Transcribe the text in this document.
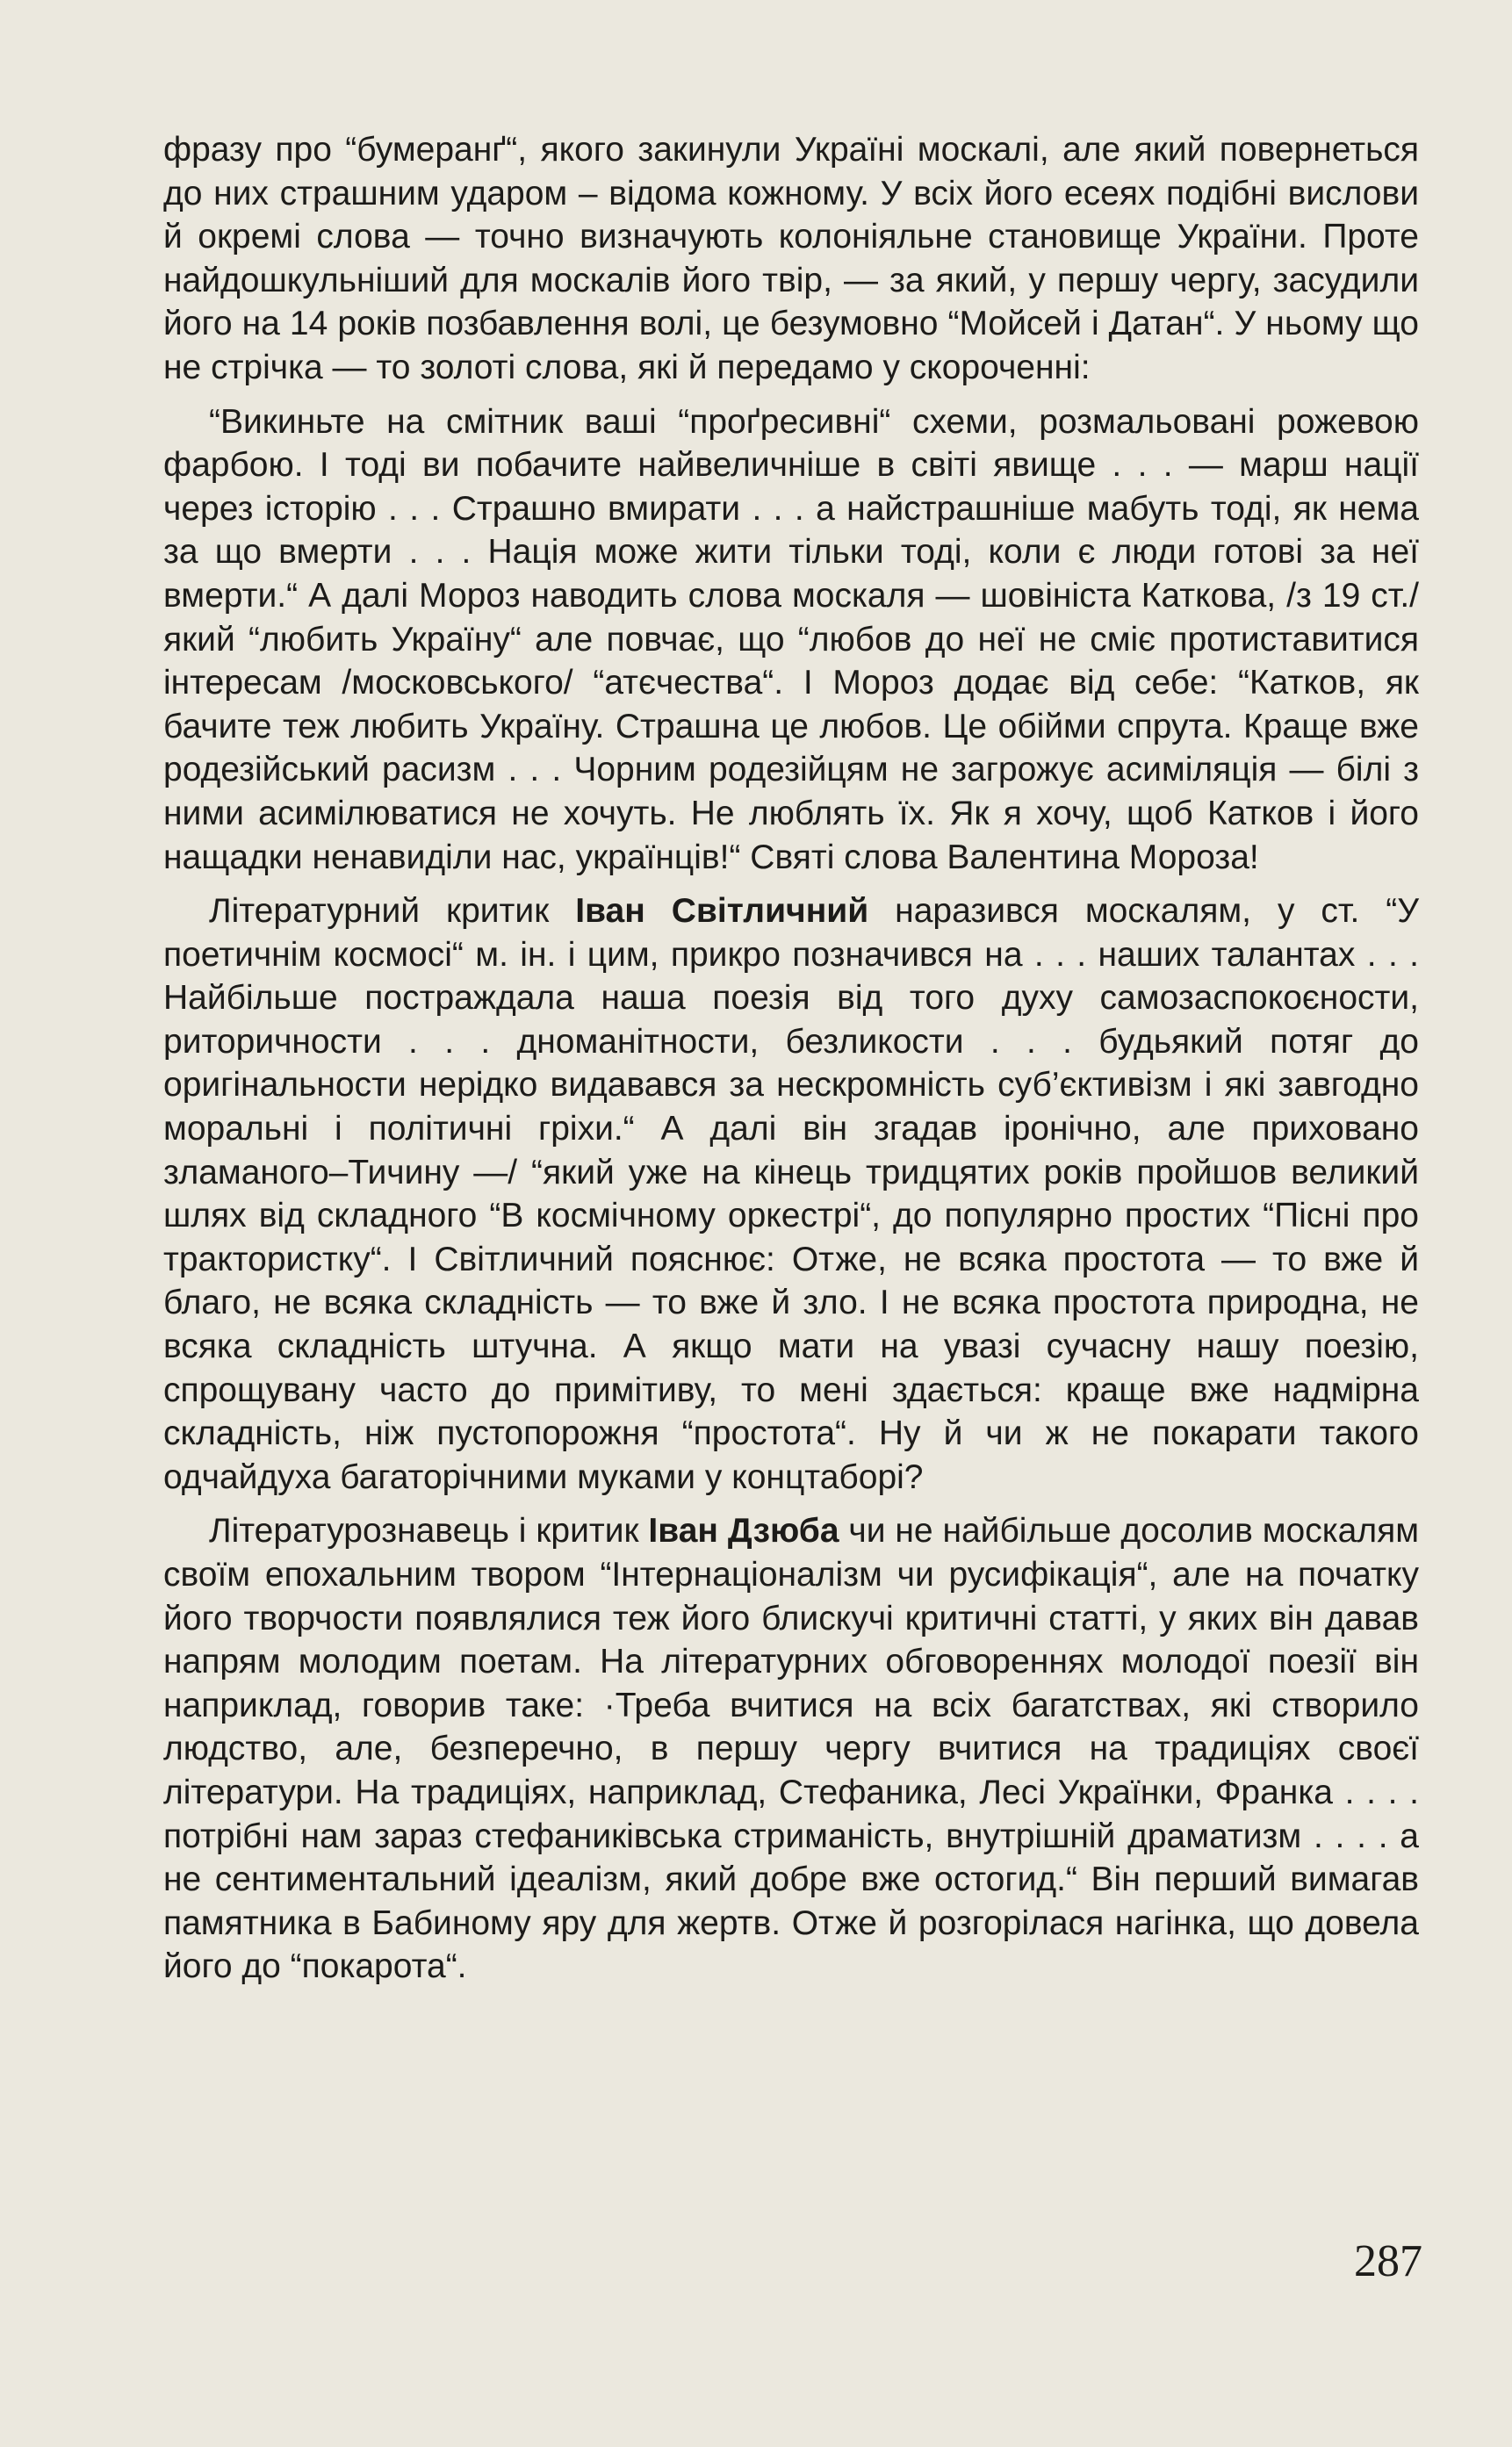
фразу про “бумеранґ“, якого закинули Україні москалі, але який повернеться до них страшним ударом – відома кожному. У всіх його есеях подібні вислови й окремі слова — точно визначують колоніяльне становище України. Проте найдошкульніший для москалів його твір, — за який, у першу чергу, засудили його на 14 років позбавлення волі, це безумовно “Мойсей і Датан“. У ньому що не стрічка — то золоті слова, які й передамо у скороченні:

“Викиньте на смітник ваші “проґресивні“ схеми, розмальовані рожевою фарбою. І тоді ви побачите найвеличніше в світі явище . . . — марш нації через історію . . . Страшно вмирати . . . а найстрашніше мабуть тоді, як нема за що вмерти . . . Нація може жити тільки тоді, коли є люди готові за неї вмерти.“ А далі Мороз наводить слова москаля — шовініста Каткова, /з 19 ст./ який “любить Україну“ але повчає, що “любов до неї не сміє протиставитися інтересам /московського/ “атєчества“. І Мороз додає від себе: “Катков, як бачите теж любить Україну. Страшна це любов. Це обійми спрута. Краще вже родезійський расизм . . . Чорним родезійцям не загрожує асиміляція — білі з ними асимілюватися не хочуть. Не люблять їх. Як я хочу, щоб Катков і його нащадки ненавиділи нас, українців!“ Святі слова Валентина Мороза!

Літературний критик Іван Світличний наразився москалям, у ст. “У поетичнім космосі“ м. ін. і цим, прикро позначився на . . . наших талантах . . . Найбільше постраждала наша поезія від того духу самозаспокоєности, риторичности . . . дноманітности, безликости . . . будьякий потяг до оригінальности нерідко видавався за нескромність суб’єктивізм і які завгодно моральні і політичні гріхи.“ А далі він згадав іронічно, але приховано зламаного–Тичину —/ “який уже на кінець тридцятих років пройшов великий шлях від складного “В космічному оркестрі“, до популярно простих “Пісні про трактористку“. І Світличний пояснює: Отже, не всяка простота — то вже й благо, не всяка складність — то вже й зло. І не всяка простота природна, не всяка складність штучна. А якщо мати на увазі сучасну нашу поезію, спрощувану часто до примітиву, то мені здається: краще вже надмірна складність, ніж пустопорожня “простота“. Ну й чи ж не покарати такого одчайдуха багаторічними муками у концтаборі?

Літературознавець і критик Іван Дзюба чи не найбільше досолив москалям своїм епохальним твором “Інтернаціоналізм чи русифікація“, але на початку його творчости появлялися теж його блискучі критичні статті, у яких він давав напрям молодим поетам. На літературних обговореннях молодої поезії він наприклад, говорив таке: ·Треба вчитися на всіх багатствах, які створило людство, але, безперечно, в першу чергу вчитися на традиціях своєї літератури. На традиціях, наприклад, Стефаника, Лесі Українки, Франка . . . . потрібні нам зараз стефаниківська стриманість, внутрішній драматизм . . . . а не сентиментальний ідеалізм, який добре вже остогид.“ Він перший вимагав памятника в Бабиному яру для жертв. Отже й розгорілася нагінка, що довела його до “покарота“.

287
